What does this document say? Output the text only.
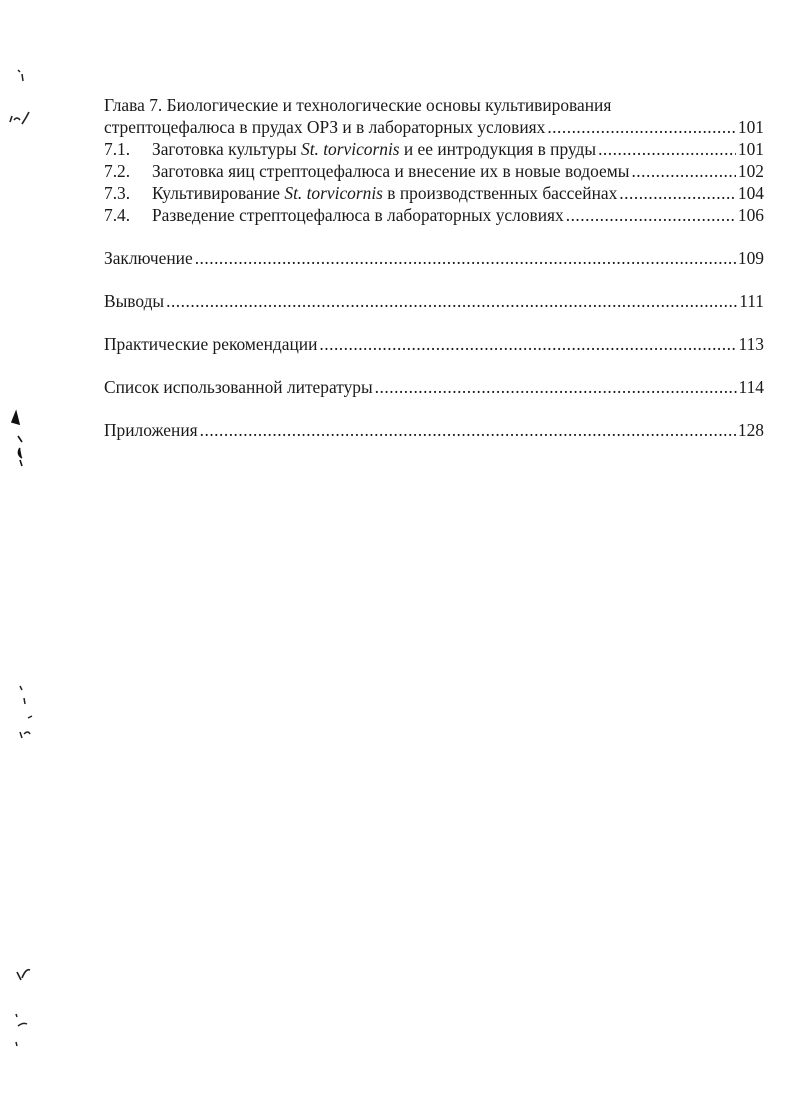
Глава 7. Биологические и технологические основы культивирования
стрептоцефалюса в прудах ОРЗ и в лабораторных условиях .....	101
7.1.	Заготовка культуры St. torvicornis и ее интродукция в пруды .....	101
7.2.	Заготовка яиц стрептоцефалюса и внесение их в новые водоемы .....	102
7.3.	Культивирование St. torvicornis в производственных бассейнах .....	104
7.4.	Разведение стрептоцефалюса в лабораторных условиях .....	106
Заключение .....	109
Выводы .....	111
Практические рекомендации .....	113
Список использованной литературы .....	114
Приложения .....	128
